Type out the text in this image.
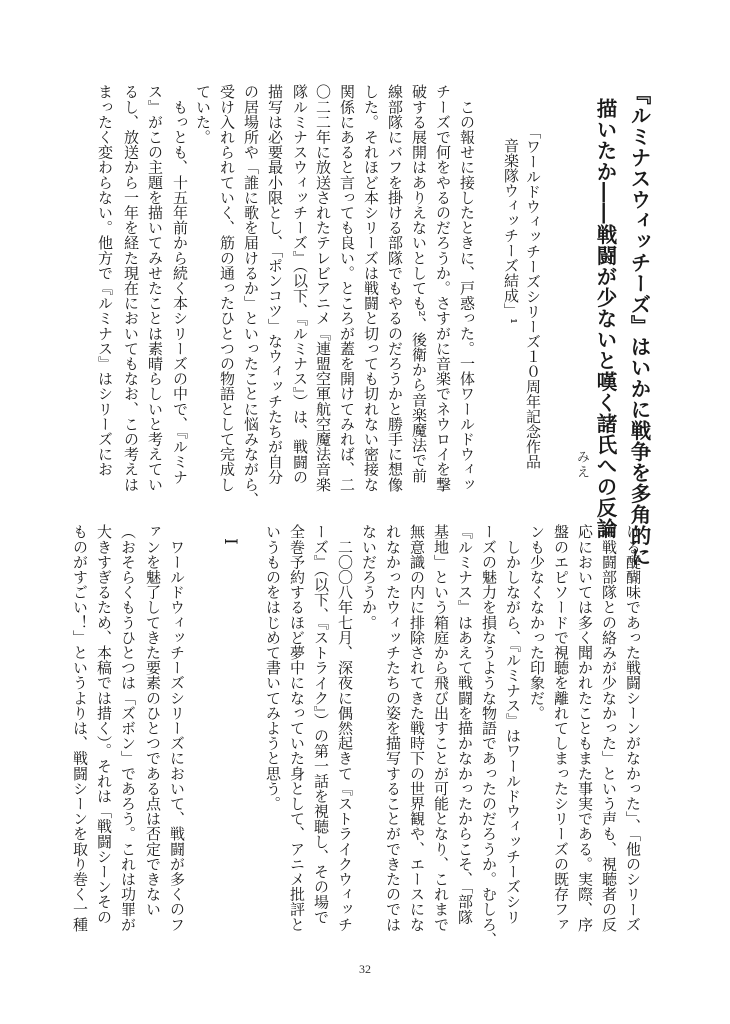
『ルミナスウィッチーズ』はいかに戦争を多角的に
描いたか――戦闘が少ないと嘆く諸氏への反論
みえ
「ワールドウィッチーズシリーズ１０周年記念作品
音楽隊ウィッチーズ結成」¹
　この報せに接したときに、戸惑った。一体ワールドウィッ
チーズで何をやるのだろうか。さすがに音楽でネウロイを撃
破する展開はありえないとしても²、後衛から音楽魔法で前
線部隊にバフを掛ける部隊でもやるのだろうかと勝手に想像
した。それほど本シリーズは戦闘と切っても切れない密接な
関係にあると言っても良い。ところが蓋を開けてみれば、二
〇二二年に放送されたテレビアニメ『連盟空軍航空魔法音楽
隊ルミナスウィッチーズ』（以下、『ルミナス』）は、戦闘の
描写は必要最小限とし、「ポンコツ」なウィッチたちが自分
の居場所や「誰に歌を届けるか」といったことに悩みながら、
受け入れられていく、筋の通ったひとつの物語として完成し
ていた。
　もっとも、十五年前から続く本シリーズの中で、『ルミナ
ス』がこの主題を描いてみせたことは素晴らしいと考えてい
るし、放送から一年を経た現在においてもなお、この考えは
まったく変わらない。他方で『ルミナス』はシリーズにお
ける醍醐味であった戦闘シーンがなかった」、「他のシリーズ
の戦闘部隊との絡みが少なかった」という声も、視聴者の反
応においては多く聞かれたこともまた事実である。実際、序
盤のエピソードで視聴を離れてしまったシリーズの既存ファ
ンも少なくなかった印象だ。
　しかしながら、『ルミナス』はワールドウィッチーズシリ
ーズの魅力を損なうような物語であったのだろうか。むしろ、
『ルミナス』はあえて戦闘を描かなかったからこそ、「部隊
基地」という箱庭から飛び出すことが可能となり、これまで
無意識の内に排除されてきた戦時下の世界観や、エースにな
れなかったウィッチたちの姿を描写することができたのでは
ないだろうか。
　二〇〇八年七月、深夜に偶然起きて『ストライクウィッチ
ーズ』（以下、『ストライク』）の第一話を視聴し、その場で
全巻予約するほど夢中になっていた身として、アニメ批評と
いうものをはじめて書いてみようと思う。
I
　ワールドウィッチーズシリーズにおいて、戦闘が多くのフ
ァンを魅了してきた要素のひとつである点は否定できない
（おそらくもうひとつは「ズボン」であろう。これは功罪が
大きすぎるため、本稿では措く）。それは「戦闘シーンその
ものがすごい！」というよりは、戦闘シーンを取り巻く一種
32
